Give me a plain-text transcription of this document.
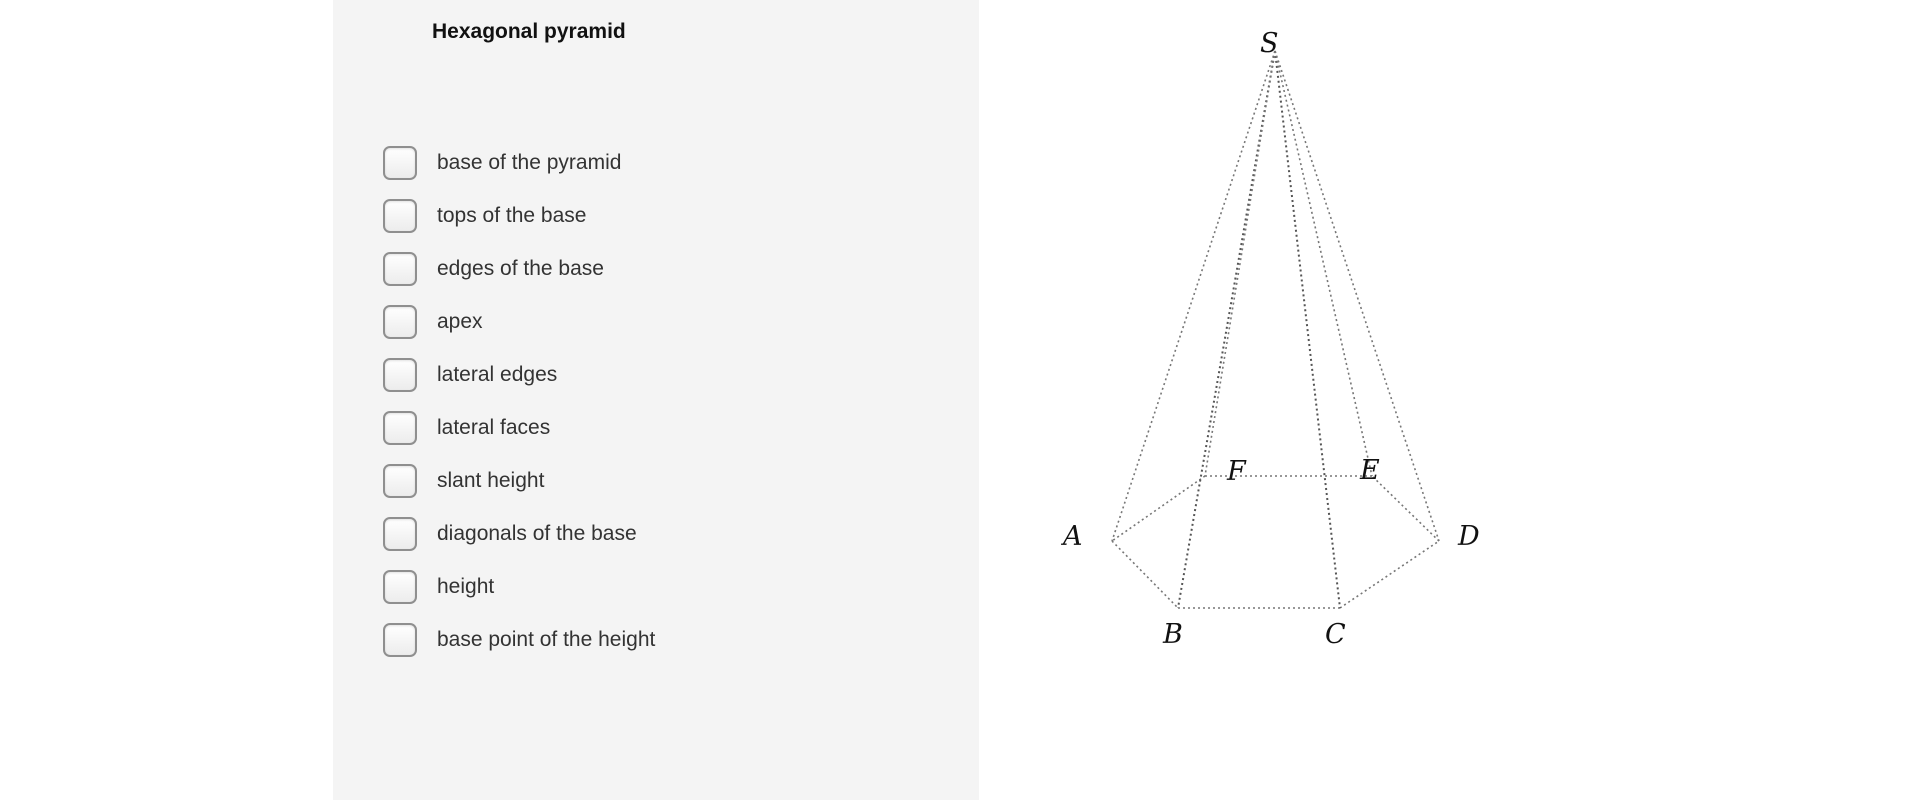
Hexagonal pyramid
base of the pyramid
tops of the base
edges of the base
apex
lateral edges
lateral faces
slant height
diagonals of the base
height
base point of the height
S
A
B	C
D
E
F
